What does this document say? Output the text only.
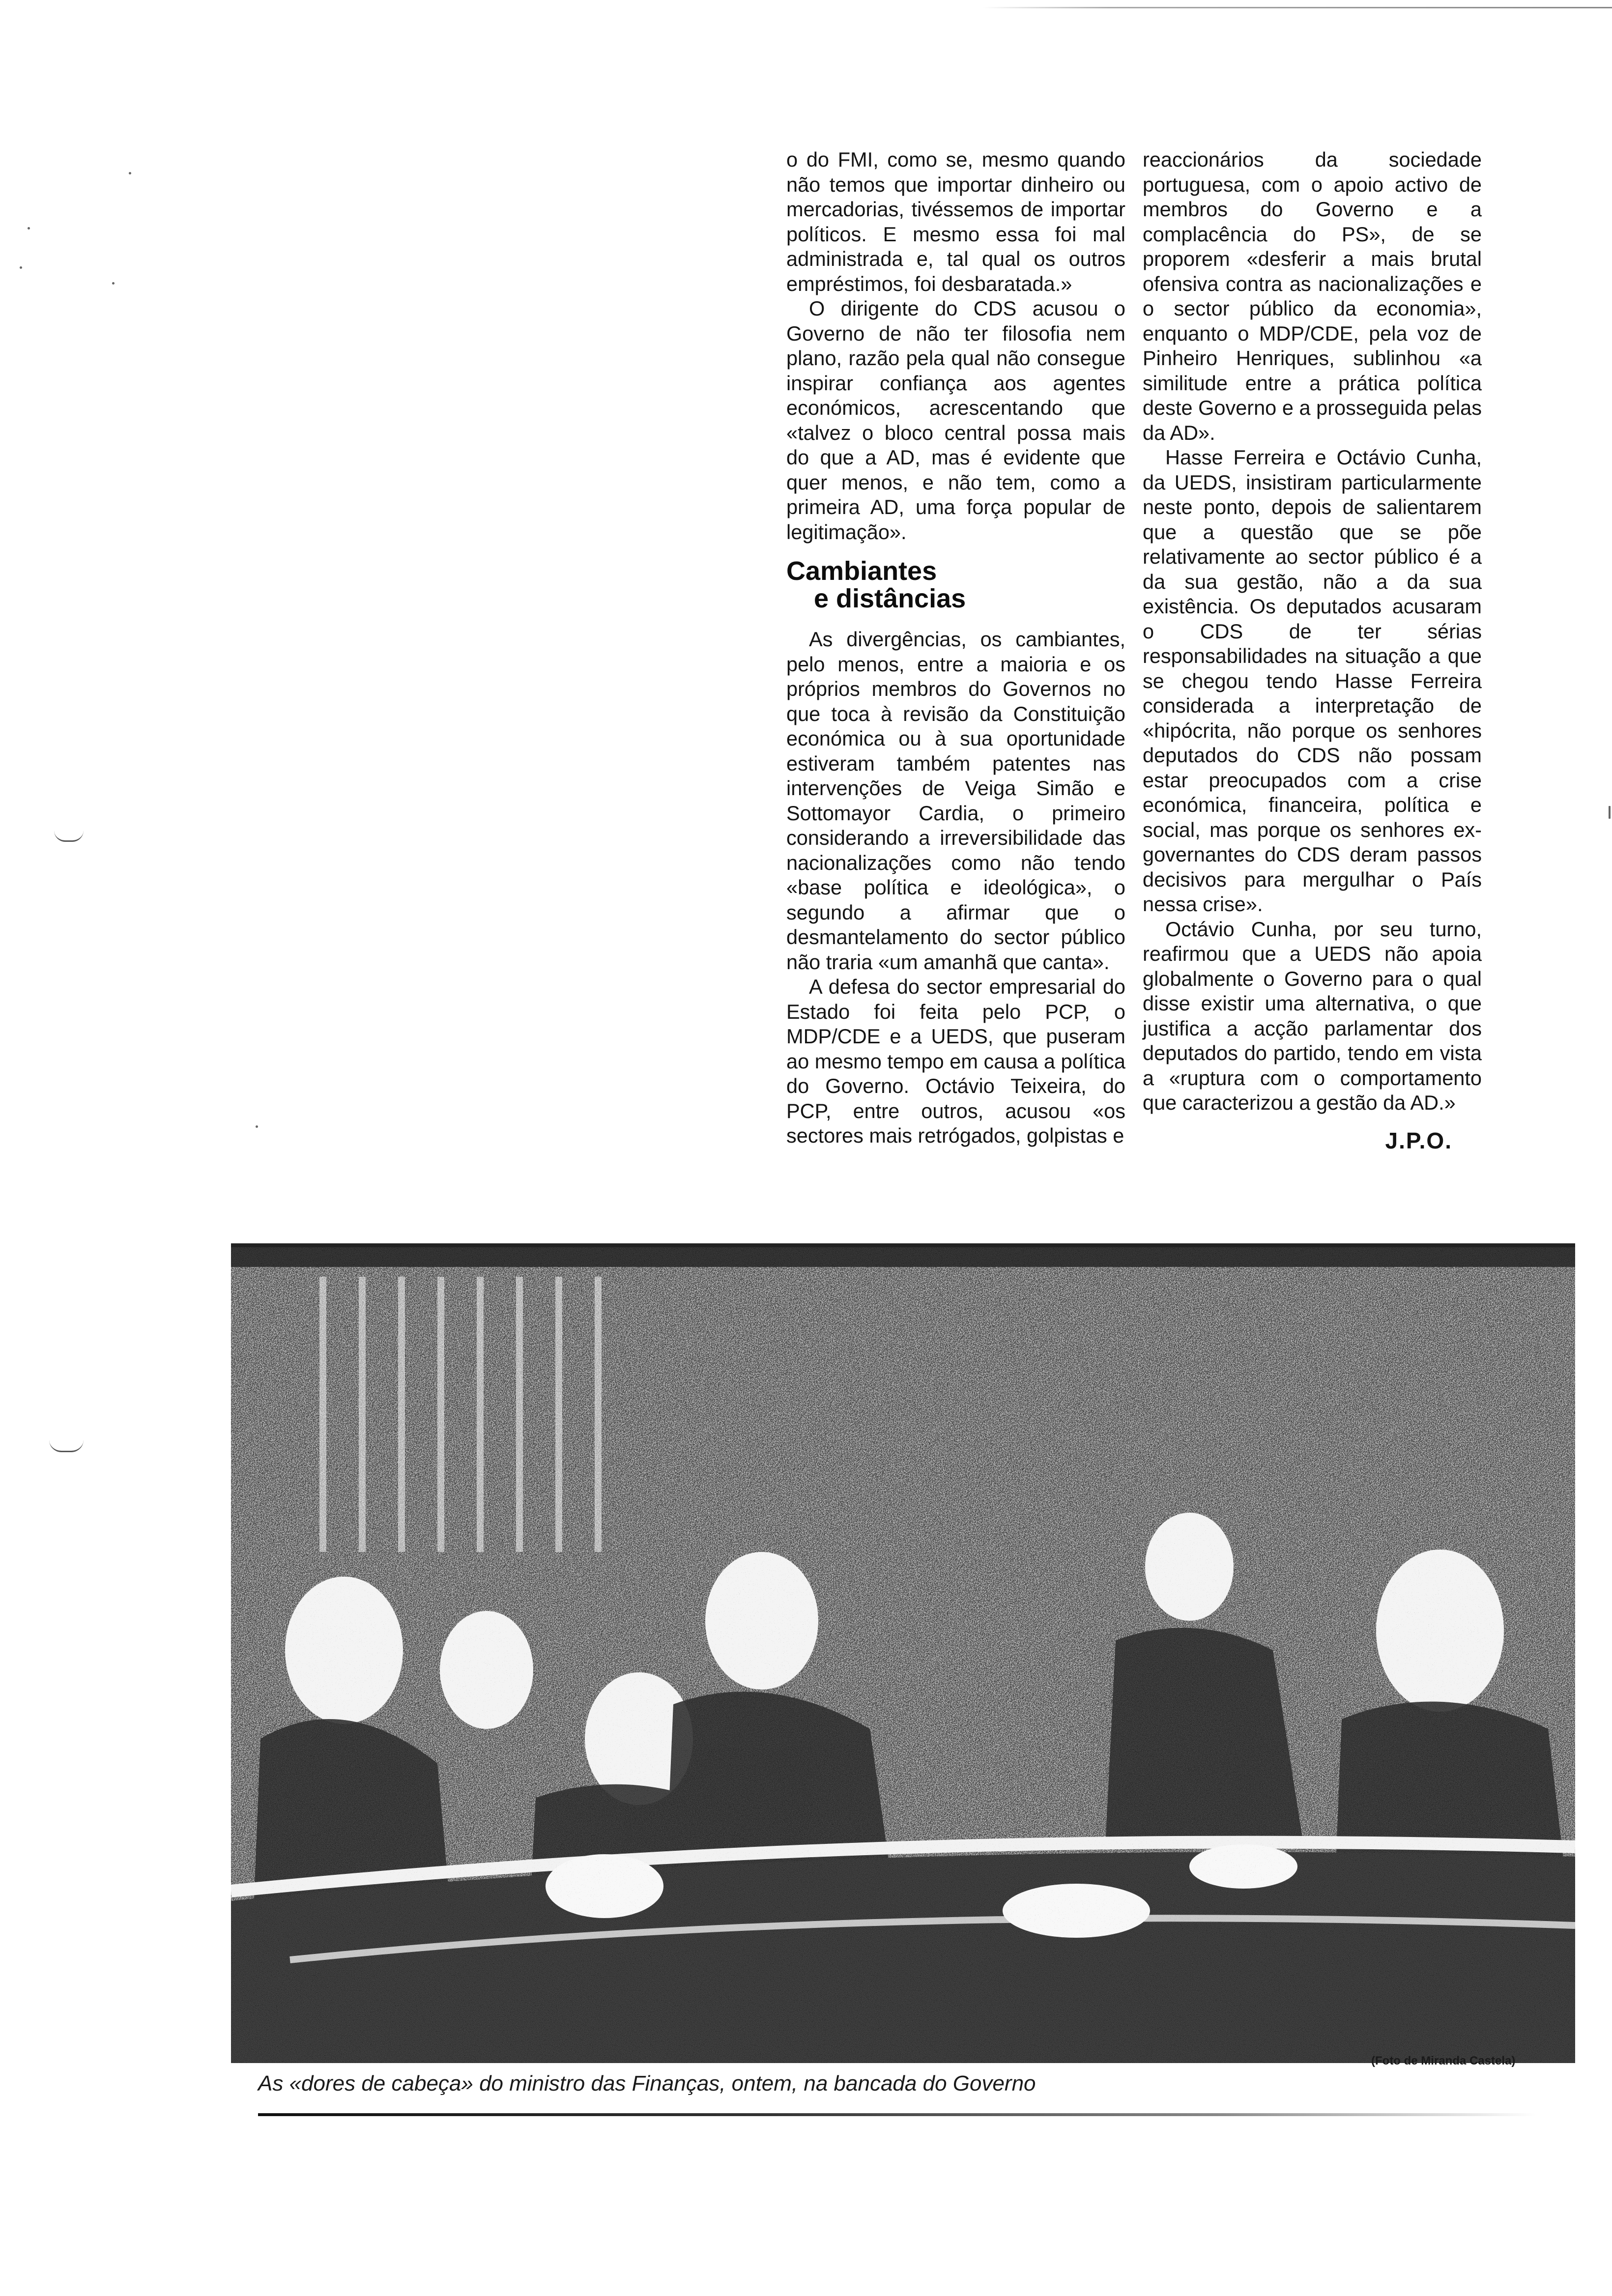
o do FMI, como se, mesmo quando não temos que importar dinheiro ou mercadorias, tivéssemos de importar políticos. E mesmo essa foi mal administrada e, tal qual os outros empréstimos, foi desbaratada.»

O dirigente do CDS acusou o Governo de não ter filosofia nem plano, razão pela qual não consegue inspirar confiança aos agentes económicos, acrescentando que «talvez o bloco central possa mais do que a AD, mas é evidente que quer menos, e não tem, como a primeira AD, uma força popular de legitimação».

Cambiantes
e distâncias

As divergências, os cambiantes, pelo menos, entre a maioria e os próprios membros do Governos no que toca à revisão da Constituição económica ou à sua oportunidade estiveram também patentes nas intervenções de Veiga Simão e Sottomayor Cardia, o primeiro considerando a irreversibilidade das nacionalizações como não tendo «base política e ideológica», o segundo a afirmar que o desmantelamento do sector público não traria «um amanhã que canta».

A defesa do sector empresarial do Estado foi feita pelo PCP, o MDP/CDE e a UEDS, que puseram ao mesmo tempo em causa a política do Governo. Octávio Teixeira, do PCP, entre outros, acusou «os sectores mais retrógados, golpistas e

reaccionários da sociedade portuguesa, com o apoio activo de membros do Governo e a complacência do PS», de se proporem «desferir a mais brutal ofensiva contra as nacionalizações e o sector público da economia», enquanto o MDP/CDE, pela voz de Pinheiro Henriques, sublinhou «a similitude entre a prática política deste Governo e a prosseguida pelas da AD».

Hasse Ferreira e Octávio Cunha, da UEDS, insistiram particularmente neste ponto, depois de salientarem que a questão que se põe relativamente ao sector público é a da sua gestão, não a da sua existência. Os deputados acusaram o CDS de ter sérias responsabilidades na situação a que se chegou tendo Hasse Ferreira considerada a interpretação de «hipócrita, não porque os senhores deputados do CDS não possam estar preocupados com a crise económica, financeira, política e social, mas porque os senhores ex-governantes do CDS deram passos decisivos para mergulhar o País nessa crise».

Octávio Cunha, por seu turno, reafirmou que a UEDS não apoia globalmente o Governo para o qual disse existir uma alternativa, o que justifica a acção parlamentar dos deputados do partido, tendo em vista a «ruptura com o comportamento que caracterizou a gestão da AD.»

J.P.O.
(Foto de Miranda Castela)
As «dores de cabeça» do ministro das Finanças, ontem, na bancada do Governo
